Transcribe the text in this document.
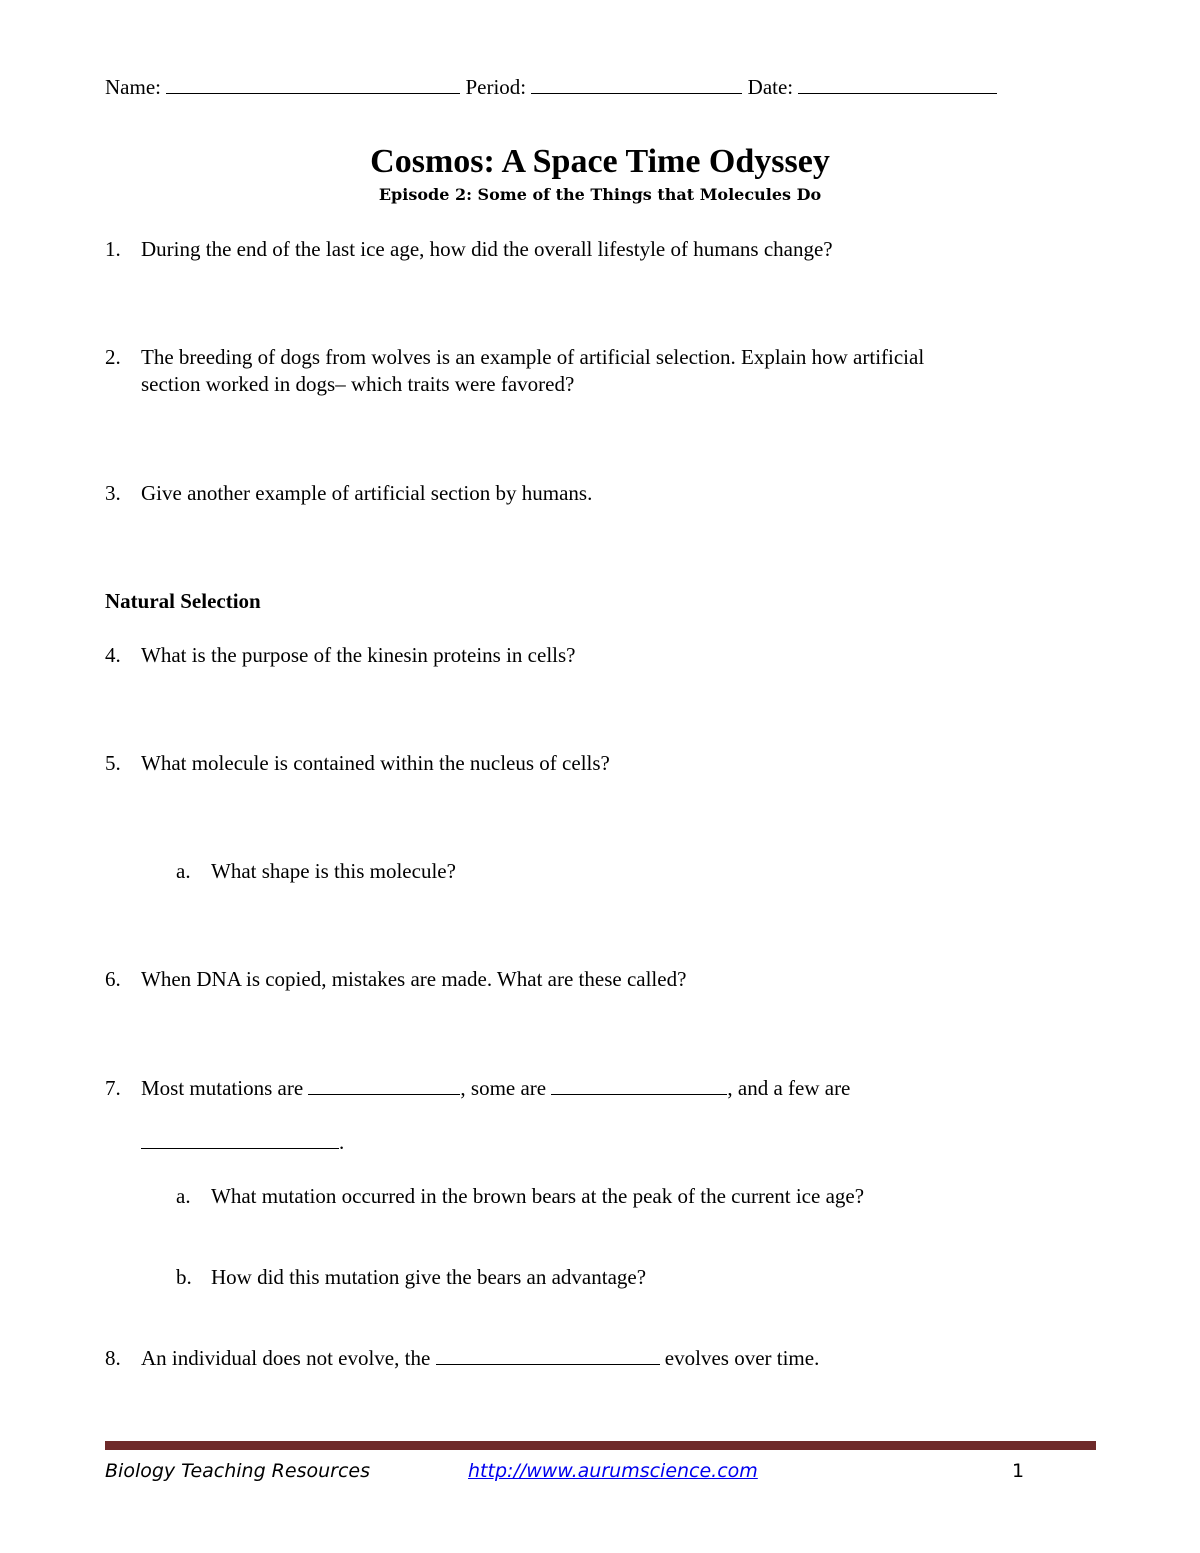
Name:	Period:	Date:
Cosmos: A Space Time Odyssey
Episode 2: Some of the Things that Molecules Do
1. During the end of the last ice age, how did the overall lifestyle of humans change?
2. The breeding of dogs from wolves is an example of artificial selection. Explain how artificial
section worked in dogs– which traits were favored?
3. Give another example of artificial section by humans.
Natural Selection
4. What is the purpose of the kinesin proteins in cells?
5. What molecule is contained within the nucleus of cells?
a. What shape is this molecule?
6. When DNA is copied, mistakes are made. What are these called?
7. Most mutations are	, some are	, and a few are
.
a. What mutation occurred in the brown bears at the peak of the current ice age?
b. How did this mutation give the bears an advantage?
8. An individual does not evolve, the	evolves over time.
Biology Teaching Resources	http://www.aurumscience.com	1
